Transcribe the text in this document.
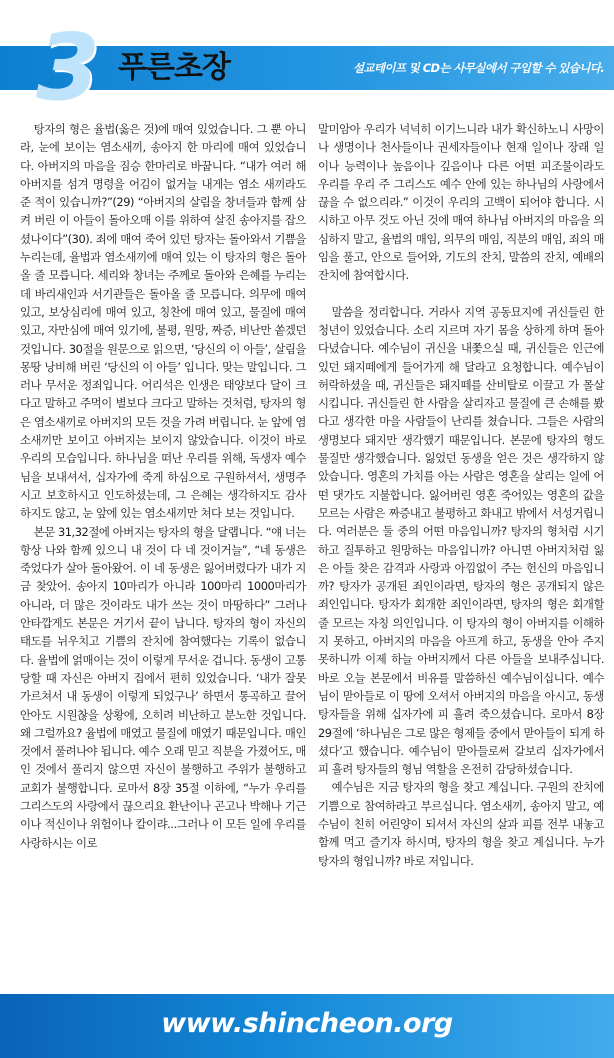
3 푸른초장	설교테이프 및 CD는 사무실에서 구입할 수 있습니다.

탕자의 형은 율법(옳은 것)에 매여 있었습니다. 그 뿐 아니라, 눈에 보이는 염소새끼, 송아지 한 마리에 매여 있었습니다. 아버지의 마음을 짐승 한마리로 바꿉니다. “내가 여러 해 아버지를 섬겨 명령을 어김이 없거늘 내게는 염소 새끼라도 준 적이 있습니까?”(29) “아버지의 살림을 창녀들과 함께 삼켜 버린 이 아들이 돌아오매 이를 위하여 살진 송아지를 잡으셨나이다”(30). 죄에 매여 죽어 있던 탕자는 돌아와서 기쁨을 누리는데, 율법과 염소새끼에 매여 있는 이 탕자의 형은 돌아올 줄 모릅니다. 세리와 창녀는 주께로 돌아와 은혜를 누리는데 바리새인과 서기관들은 돌아올 줄 모릅니다. 의무에 매여 있고, 보상심리에 매여 있고, 칭찬에 매여 있고, 물질에 매여 있고, 자만심에 매여 있기에, 불평, 원망, 짜증, 비난만 쏱겠던 것입니다. 30절을 원문으로 읽으면, ‘당신의 이 아들’, 살림을 몽땅 낭비해 버린 ‘당신의 이 아들’ 입니다. 맞는 말입니다. 그러나 무서운 정죄입니다. 어리석은 인생은 태양보다 달이 크다고 말하고 주먹이 별보다 크다고 말하는 것처럼, 탕자의 형은 염소새끼로 아버지의 모든 것을 가려 버립니다. 눈 앞에 염소새끼만 보이고 아버지는 보이지 않았습니다. 이것이 바로 우리의 모습입니다. 하나님을 떠난 우리를 위해, 독생자 예수님을 보내셔서, 십자가에 죽게 하심으로 구원하셔서, 생명주시고 보호하시고 인도하셨는데, 그 은혜는 생각하지도 감사하지도 않고, 눈 앞에 있는 염소새끼만 쳐다 보는 것입니다.

본문 31,32절에 아버지는 탕자의 형을 달랩니다. “얘 너는 항상 나와 함께 있으니 내 것이 다 네 것이거늘”, “네 동생은 죽었다가 살아 돌아왔어. 이 네 동생은 잃어버렸다가 내가 지금 찾았어. 송아지 10마리가 아니라 100마리 1000마리가 아니라, 더 많은 것이라도 내가 쓰는 것이 마땅하다” 그러나 안타깝게도 본문은 거기서 끝이 납니다. 탕자의 형이 자신의 태도를 뉘우치고 기쁨의 잔치에 참여했다는 기록이 없습니다. 율법에 얽매이는 것이 이렇게 무서운 겁니다. 동생이 고통당할 때 자신은 아버지 집에서 편히 있었습니다. ‘내가 잘못 가르쳐서 내 동생이 이렇게 되었구나’ 하면서 통곡하고 끌어안아도 시원찮을 상황에, 오히려 비난하고 분노한 것입니다. 왜 그럴까요? 율법에 매였고 물질에 매였기 때문입니다. 매인 것에서 풀려나야 됩니다. 예수 오래 믿고 직분을 가졌어도, 매인 것에서 풀리지 않으면 자신이 불행하고 주위가 불행하고 교회가 불행합니다. 로마서 8장 35절 이하에, “누가 우리를 그리스도의 사랑에서 끊으리요 환난이나 곤고나 박해나 기근이나 적신이나 위험이나 칼이랴...그러나 이 모든 일에 우리를 사랑하시는 이로

말미암아 우리가 넉넉히 이기느니라 내가 확신하노니 사망이나 생명이나 천사들이나 권세자들이나 현재 일이나 장래 일이나 능력이나 높음이나 깊음이나 다른 어떤 피조물이라도 우리를 우리 주 그리스도 예수 안에 있는 하나님의 사랑에서 끊을 수 없으리라.” 이것이 우리의 고백이 되어야 합니다. 시시하고 아무 것도 아닌 것에 매여 하나님 아버지의 마음을 의심하지 말고, 율법의 매임, 의무의 매임, 직분의 매임, 죄의 매임을 풀고, 안으로 들어와, 기도의 잔치, 말씀의 잔치, 예배의 잔치에 참여합시다.

말씀을 정리합니다. 거라사 지역 공동묘지에 귀신들린 한 청년이 있었습니다. 소리 지르며 자기 몸을 상하게 하며 돌아다녔습니다. 예수님이 귀신을 내쫓으실 때, 귀신들은 인근에 있던 돼지떼에게 들어가게 해 달라고 요청합니다. 예수님이 허락하셨을 때, 귀신들은 돼지떼를 산비탈로 이끌고 가 몰살시킵니다. 귀신들린 한 사람을 살리자고 물질에 큰 손해를 봤다고 생각한 마을 사람들이 난리를 쳤습니다. 그들은 사람의 생명보다 돼지만 생각했기 때문입니다. 본문에 탕자의 형도 물질만 생각했습니다. 잃었던 동생을 얻은 것은 생각하지 않았습니다. 영혼의 가치를 아는 사람은 영혼을 살리는 일에 어떤 댓가도 지불합니다. 잃어버린 영혼 죽어있는 영혼의 값을 모르는 사람은 짜증내고 불평하고 화내고 밖에서 서성거립니다. 여러분은 둘 중의 어떤 마음입니까? 탕자의 형처럼 시기하고 질투하고 원망하는 마음입니까? 아니면 아버지처럼 잃은 아들 찾은 감격과 사랑과 아낌없이 주는 헌신의 마음입니까? 탕자가 공개된 죄인이라면, 탕자의 형은 공개되지 않은 죄인입니다. 탕자가 회개한 죄인이라면, 탕자의 형은 회개할 줄 모르는 자칭 의인입니다. 이 탕자의 형이 아버지를 이해하지 못하고, 아버지의 마음을 아프게 하고, 동생을 안아 주지 못하니까 이제 하늘 아버지께서 다른 아들을 보내주십니다. 바로 오늘 본문에서 비유를 말씀하신 예수님이십니다. 예수님이 맏아들로 이 땅에 오셔서 아버지의 마음을 아시고, 동생 탕자들을 위해 십자가에 피 흘려 죽으셨습니다. 로마서 8장 29절에 ‘하나님은 그로 많은 형제들 중에서 맏아들이 되게 하셨다’고 했습니다. 예수님이 맏아들로써 갈보리 십자가에서 피 흘려 탕자들의 형님 역할을 온전히 감당하셨습니다.

예수님은 지금 탕자의 형을 찾고 계십니다. 구원의 잔치에 기쁨으로 참여하라고 부르십니다. 염소새끼, 송아지 말고, 예수님이 친히 어린양이 되셔서 자신의 살과 피를 전부 내놓고 함께 먹고 즐기자 하시며, 탕자의 형을 찾고 계십니다. 누가 탕자의 형입니까? 바로 저입니다.

www.shincheon.org
